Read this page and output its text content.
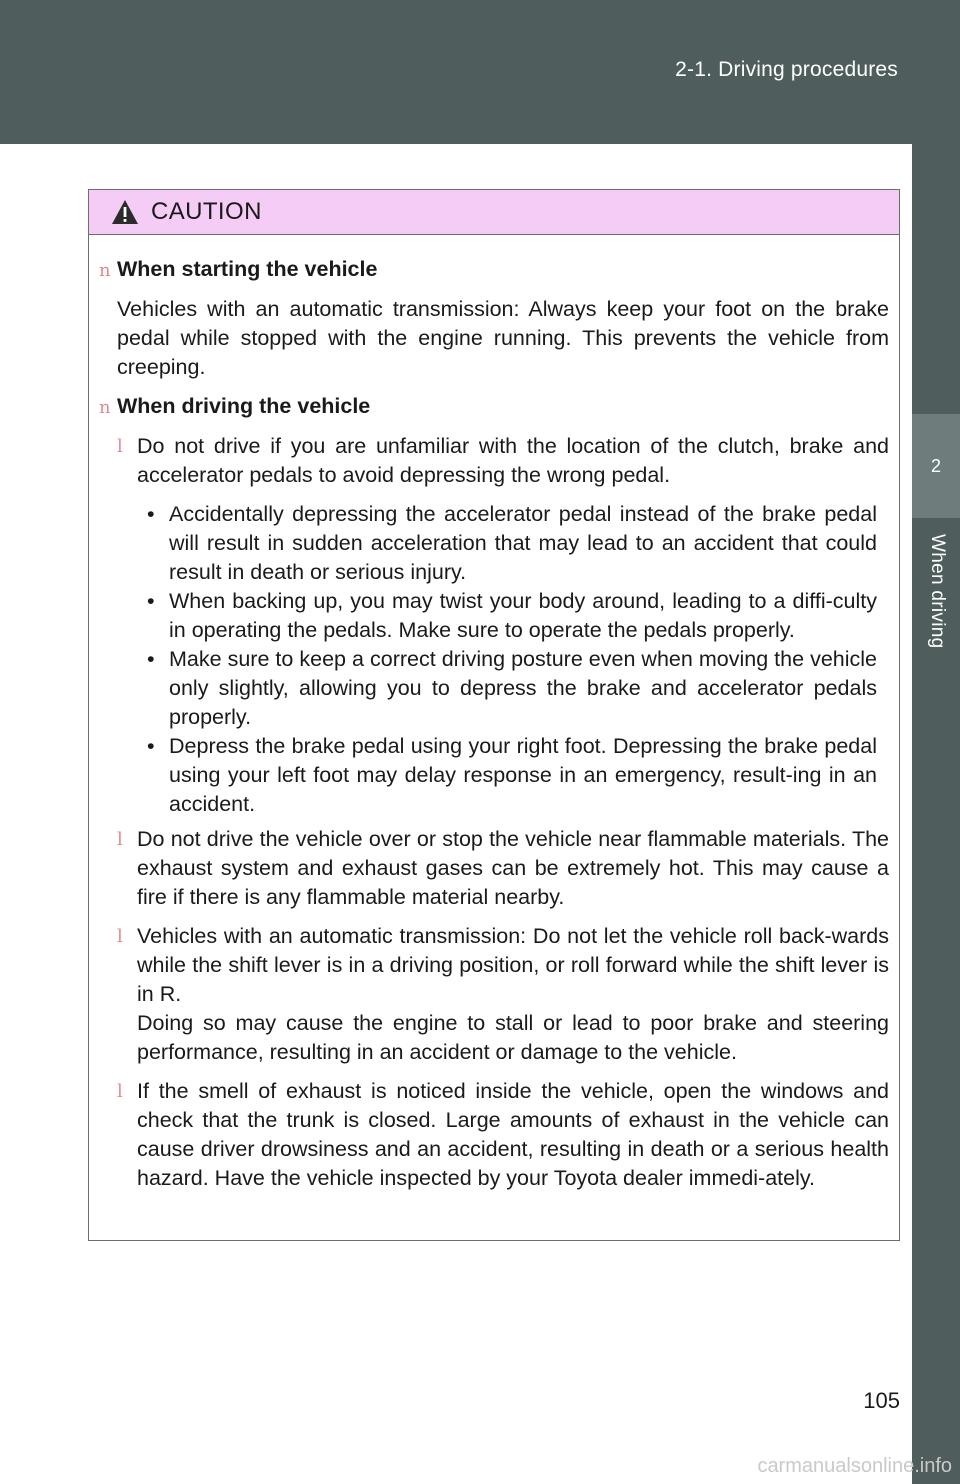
2-1. Driving procedures
2
When driving
CAUTION
n When starting the vehicle
Vehicles with an automatic transmission: Always keep your foot on the brake pedal while stopped with the engine running. This prevents the vehicle from creeping.
n When driving the vehicle
l Do not drive if you are unfamiliar with the location of the clutch, brake and accelerator pedals to avoid depressing the wrong pedal.
• Accidentally depressing the accelerator pedal instead of the brake pedal will result in sudden acceleration that may lead to an accident that could result in death or serious injury.
• When backing up, you may twist your body around, leading to a diffi-culty in operating the pedals. Make sure to operate the pedals properly.
• Make sure to keep a correct driving posture even when moving the vehicle only slightly, allowing you to depress the brake and accelerator pedals properly.
• Depress the brake pedal using your right foot. Depressing the brake pedal using your left foot may delay response in an emergency, result-ing in an accident.
l Do not drive the vehicle over or stop the vehicle near flammable materials. The exhaust system and exhaust gases can be extremely hot. This may cause a fire if there is any flammable material nearby.
l Vehicles with an automatic transmission: Do not let the vehicle roll back-wards while the shift lever is in a driving position, or roll forward while the shift lever is in R.
Doing so may cause the engine to stall or lead to poor brake and steering performance, resulting in an accident or damage to the vehicle.
l If the smell of exhaust is noticed inside the vehicle, open the windows and check that the trunk is closed. Large amounts of exhaust in the vehicle can cause driver drowsiness and an accident, resulting in death or a serious health hazard. Have the vehicle inspected by your Toyota dealer immedi-ately.
105
carmanualsonline.info
